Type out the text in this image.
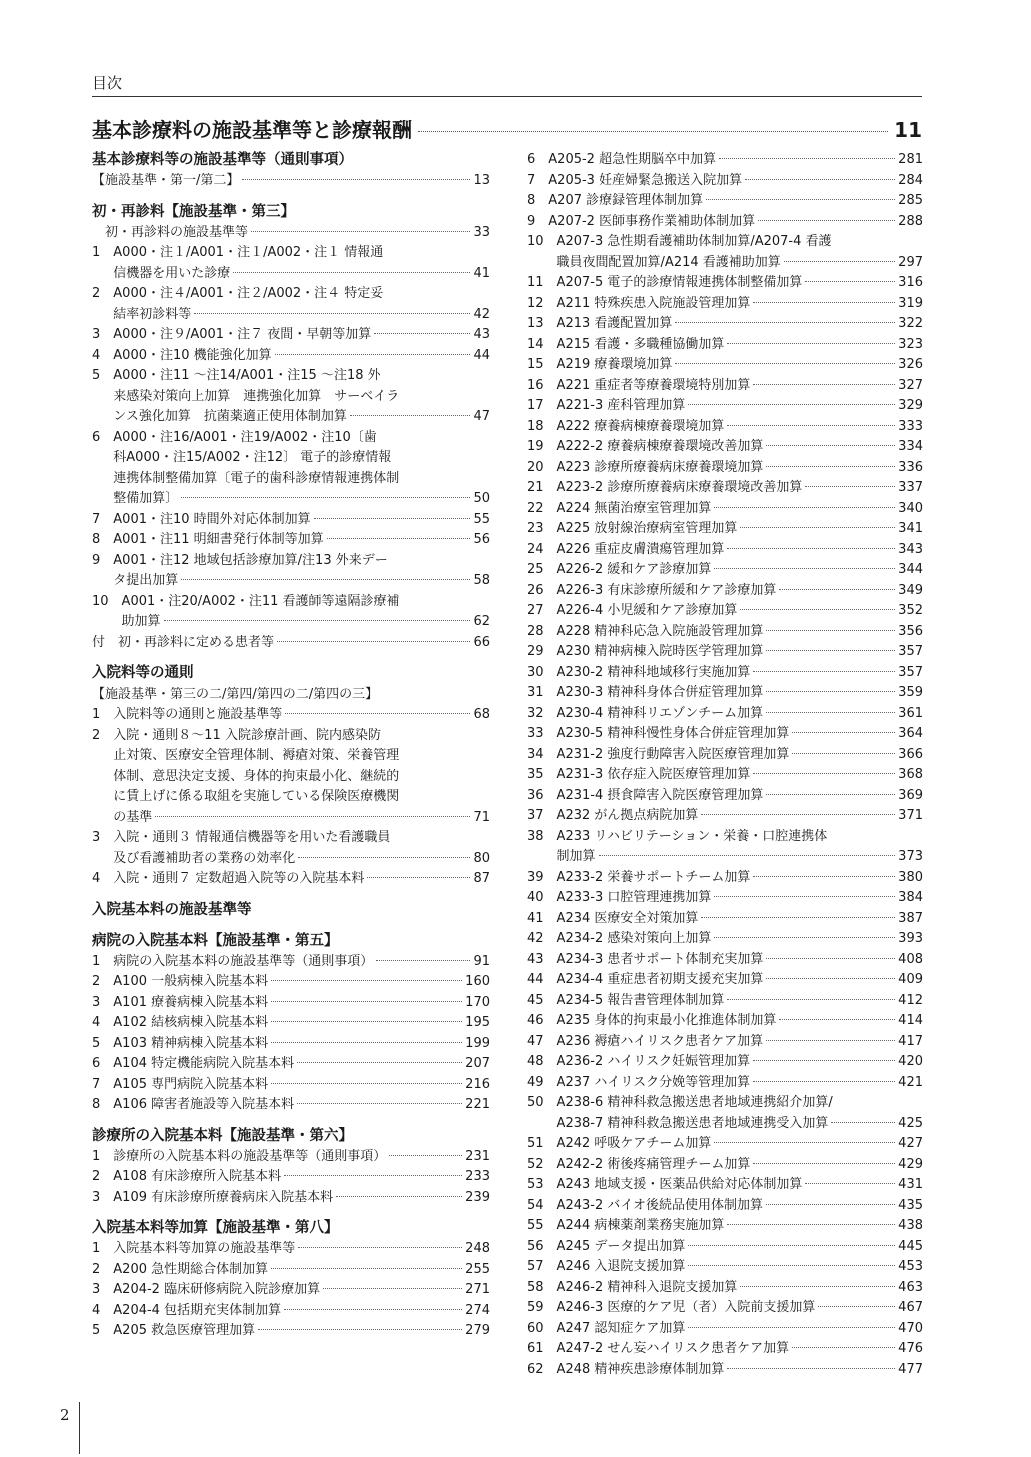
目次
基本診療料の施設基準等と診療報酬	11
基本診療料等の施設基準等（通則事項）
【施設基準・第一/第二】	13
初・再診料【施設基準・第三】

初・再診料の施設基準等	33
1　 A000・注１/A001・注１/A002・注１ 情報通
信機器を用いた診療	41
2　 A000・注４/A001・注２/A002・注４ 特定妥
結率初診料等	42
3　 A000・注９/A001・注７ 夜間・早朝等加算	43
4　 A000・注10 機能強化加算	44
5　 A000・注11 〜注14/A001・注15 〜注18 外
来感染対策向上加算　連携強化加算　サーベイラ
ンス強化加算　抗菌薬適正使用体制加算	47
6　 A000・注16/A001・注19/A002・注10〔歯
科A000・注15/A002・注12〕 電子的診療情報
連携体制整備加算〔電子的歯科診療情報連携体制
整備加算〕	50
7　 A001・注10 時間外対応体制加算	55
8　 A001・注11 明細書発行体制等加算	56
9　 A001・注12 地域包括診療加算/注13 外来デー
タ提出加算	58
10　 A001・注20/A002・注11 看護師等遠隔診療補
助加算	62
付　 初・再診料に定める患者等	66
入院料等の通則
【施設基準・第三の二/第四/第四の二/第四の三】
1　 入院料等の通則と施設基準等	68
2　 入院・通則８〜11 入院診療計画、院内感染防
止対策、医療安全管理体制、褥瘡対策、栄養管理
体制、意思決定支援、身体的拘束最小化、継続的
に賃上げに係る取組を実施している保険医療機関
の基準	71
3　 入院・通則３ 情報通信機器等を用いた看護職員
及び看護補助者の業務の効率化	80
4　 入院・通則７ 定数超過入院等の入院基本料	87
入院基本料の施設基準等
病院の入院基本料【施設基準・第五】
1　 病院の入院基本料の施設基準等（通則事項）	91
2　 A100 一般病棟入院基本料	160
3　 A101 療養病棟入院基本料	170
4　 A102 結核病棟入院基本料	195
5　 A103 精神病棟入院基本料	199
6　 A104 特定機能病院入院基本料	207
7　 A105 専門病院入院基本料	216
8　 A106 障害者施設等入院基本料	221
診療所の入院基本料【施設基準・第六】
1　 診療所の入院基本料の施設基準等（通則事項）	231
2　 A108 有床診療所入院基本料	233
3　 A109 有床診療所療養病床入院基本料	239
入院基本料等加算【施設基準・第八】
1　 入院基本料等加算の施設基準等	248
2　 A200 急性期総合体制加算	255
3　 A204-2 臨床研修病院入院診療加算	271
4　 A204-4 包括期充実体制加算	274
5　 A205 救急医療管理加算	279
6　 A205-2 超急性期脳卒中加算	281
7　 A205-3 妊産婦緊急搬送入院加算	284
8　 A207 診療録管理体制加算	285
9　 A207-2 医師事務作業補助体制加算	288
10　 A207-3 急性期看護補助体制加算/A207-4 看護
職員夜間配置加算/A214 看護補助加算	297
11　 A207-5 電子的診療情報連携体制整備加算	316
12　 A211 特殊疾患入院施設管理加算	319
13　 A213 看護配置加算	322
14　 A215 看護・多職種協働加算	323
15　 A219 療養環境加算	326
16　 A221 重症者等療養環境特別加算	327
17　 A221-3 産科管理加算	329
18　 A222 療養病棟療養環境加算	333
19　 A222-2 療養病棟療養環境改善加算	334
20　 A223 診療所療養病床療養環境加算	336
21　 A223-2 診療所療養病床療養環境改善加算	337
22　 A224 無菌治療室管理加算	340
23　 A225 放射線治療病室管理加算	341
24　 A226 重症皮膚潰瘍管理加算	343
25　 A226-2 緩和ケア診療加算	344
26　 A226-3 有床診療所緩和ケア診療加算	349
27　 A226-4 小児緩和ケア診療加算	352
28　 A228 精神科応急入院施設管理加算	356
29　 A230 精神病棟入院時医学管理加算	357
30　 A230-2 精神科地域移行実施加算	357
31　 A230-3 精神科身体合併症管理加算	359
32　 A230-4 精神科リエゾンチーム加算	361
33　 A230-5 精神科慢性身体合併症管理加算	364
34　 A231-2 強度行動障害入院医療管理加算	366
35　 A231-3 依存症入院医療管理加算	368
36　 A231-4 摂食障害入院医療管理加算	369
37　 A232 がん拠点病院加算	371
38　 A233 リハビリテーション・栄養・口腔連携体
制加算	373
39　 A233-2 栄養サポートチーム加算	380
40　 A233-3 口腔管理連携加算	384
41　 A234 医療安全対策加算	387
42　 A234-2 感染対策向上加算	393
43　 A234-3 患者サポート体制充実加算	408
44　 A234-4 重症患者初期支援充実加算	409
45　 A234-5 報告書管理体制加算	412
46　 A235 身体的拘束最小化推進体制加算	414
47　 A236 褥瘡ハイリスク患者ケア加算	417
48　 A236-2 ハイリスク妊娠管理加算	420
49　 A237 ハイリスク分娩等管理加算	421
50　 A238-6 精神科救急搬送患者地域連携紹介加算/
A238-7 精神科救急搬送患者地域連携受入加算	425
51　 A242 呼吸ケアチーム加算	427
52　 A242-2 術後疼痛管理チーム加算	429
53　 A243 地域支援・医薬品供給対応体制加算	431
54　 A243-2 バイオ後続品使用体制加算	435
55　 A244 病棟薬剤業務実施加算	438
56　 A245 データ提出加算	445
57　 A246 入退院支援加算	453
58　 A246-2 精神科入退院支援加算	463
59　 A246-3 医療的ケア児（者）入院前支援加算	467
60　 A247 認知症ケア加算	470
61　 A247-2 せん妄ハイリスク患者ケア加算	476
62　 A248 精神疾患診療体制加算	477
2
